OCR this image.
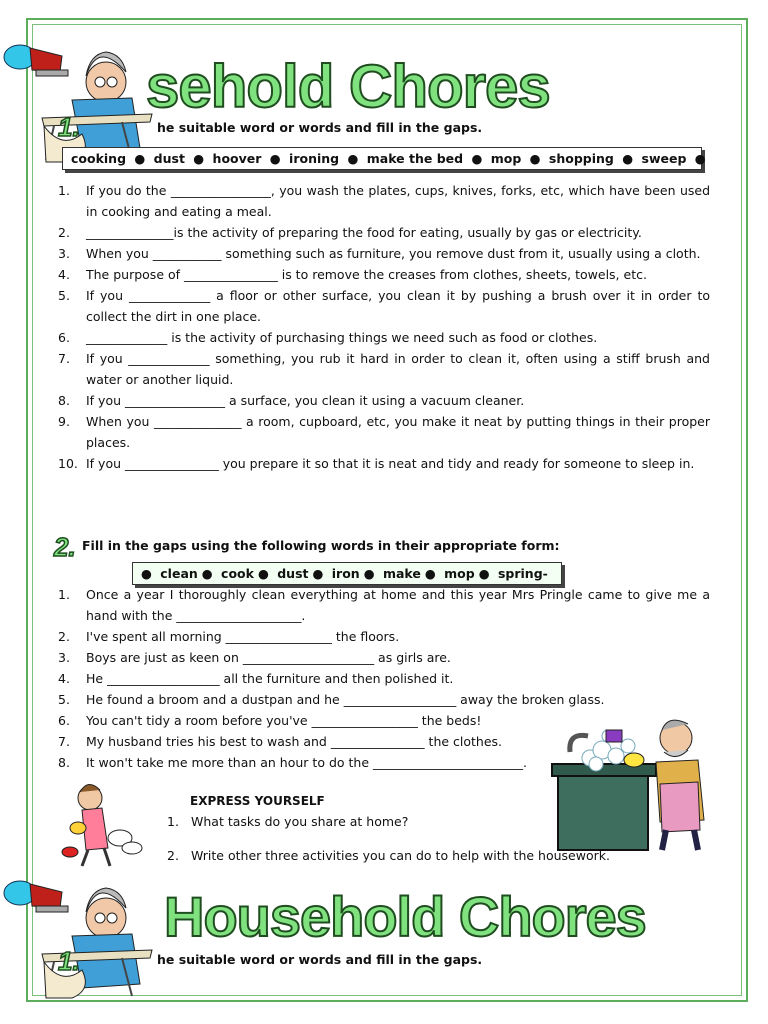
sehold Chores
1.	he suitable word or words and fill in the gaps.
cooking ● dust ● hoover ● ironing ● make the bed ● mop ● shopping ● sweep ●
1. If you do the ________________, you wash the plates, cups, knives, forks, etc, which have been used in cooking and eating a meal.
2. ______________is the activity of preparing the food for eating, usually by gas or electricity.
3. When you ___________ something such as furniture, you remove dust from it, usually using a cloth.
4. The purpose of _______________ is to remove the creases from clothes, sheets, towels, etc.
5. If you _____________ a floor or other surface, you clean it by pushing a brush over it in order to collect the dirt in one place.
6. _____________ is the activity of purchasing things we need such as food or clothes.
7. If you _____________ something, you rub it hard in order to clean it, often using a stiff brush and water or another liquid.
8. If you ________________ a surface, you clean it using a vacuum cleaner.
9. When you ______________ a room, cupboard, etc, you make it neat by putting things in their proper places.
10. If you _______________ you prepare it so that it is neat and tidy and ready for someone to sleep in.
2. Fill in the gaps using the following words in their appropriate form:
● clean ● cook ● dust ● iron ● make ● mop ● spring-
1. Once a year I thoroughly clean everything at home and this year Mrs Pringle came to give me a hand with the ____________________.
2. I've spent all morning _________________ the floors.
3. Boys are just as keen on _____________________ as girls are.
4. He __________________ all the furniture and then polished it.
5. He found a broom and a dustpan and he __________________ away the broken glass.
6. You can't tidy a room before you've _________________ the beds!
7. My husband tries his best to wash and _______________ the clothes.
8. It won't take me more than an hour to do the ________________________.
EXPRESS YOURSELF
1. What tasks do you share at home?
2. Write other three activities you can do to help with the housework.
Household Chores
1.	he suitable word or words and fill in the gaps.
